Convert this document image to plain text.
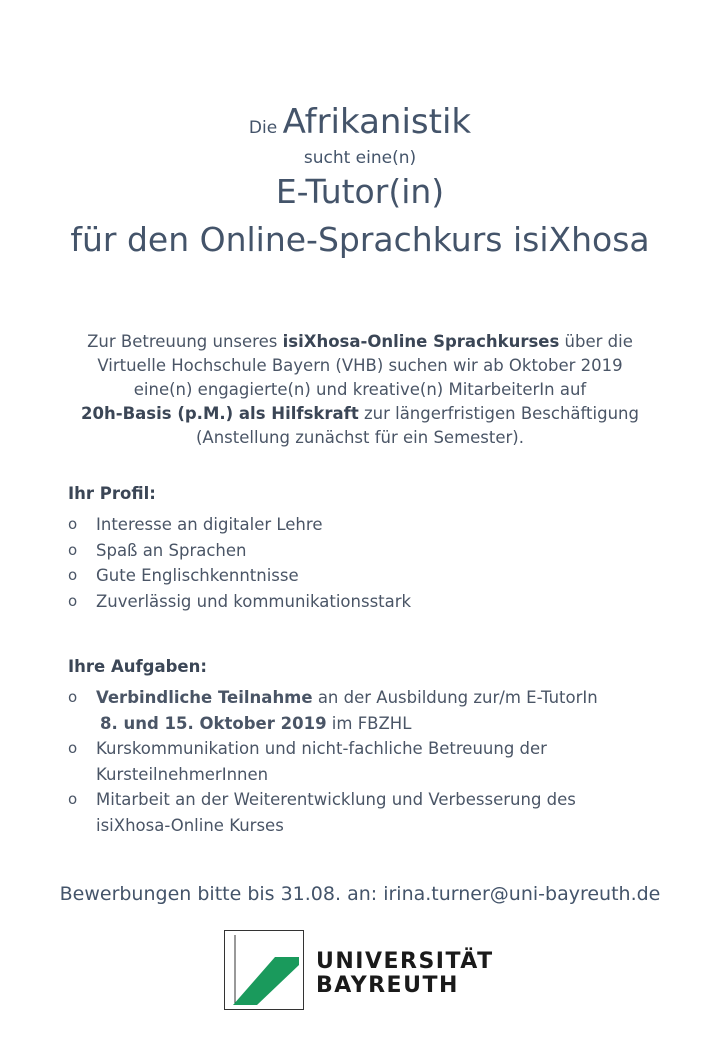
Die Afrikanistik
sucht eine(n)
E-Tutor(in)
für den Online-Sprachkurs isiXhosa
Zur Betreuung unseres isiXhosa-Online Sprachkurses über die
Virtuelle Hochschule Bayern (VHB) suchen wir ab Oktober 2019
eine(n) engagierte(n) und kreative(n) MitarbeiterIn auf
20h-Basis (p.M.) als Hilfskraft zur längerfristigen Beschäftigung
(Anstellung zunächst für ein Semester).
Ihr Profil:
o Interesse an digitaler Lehre
o Spaß an Sprachen
o Gute Englischkenntnisse
o Zuverlässig und kommunikationsstark
Ihre Aufgaben:
o Verbindliche Teilnahme an der Ausbildung zur/m E-TutorIn
8. und 15. Oktober 2019 im FBZHL
o Kurskommunikation und nicht-fachliche Betreuung der
KursteilnehmerInnen
o Mitarbeit an der Weiterentwicklung und Verbesserung des
isiXhosa-Online Kurses
Bewerbungen bitte bis 31.08. an: irina.turner@uni-bayreuth.de
UNIVERSITÄT
BAYREUTH
